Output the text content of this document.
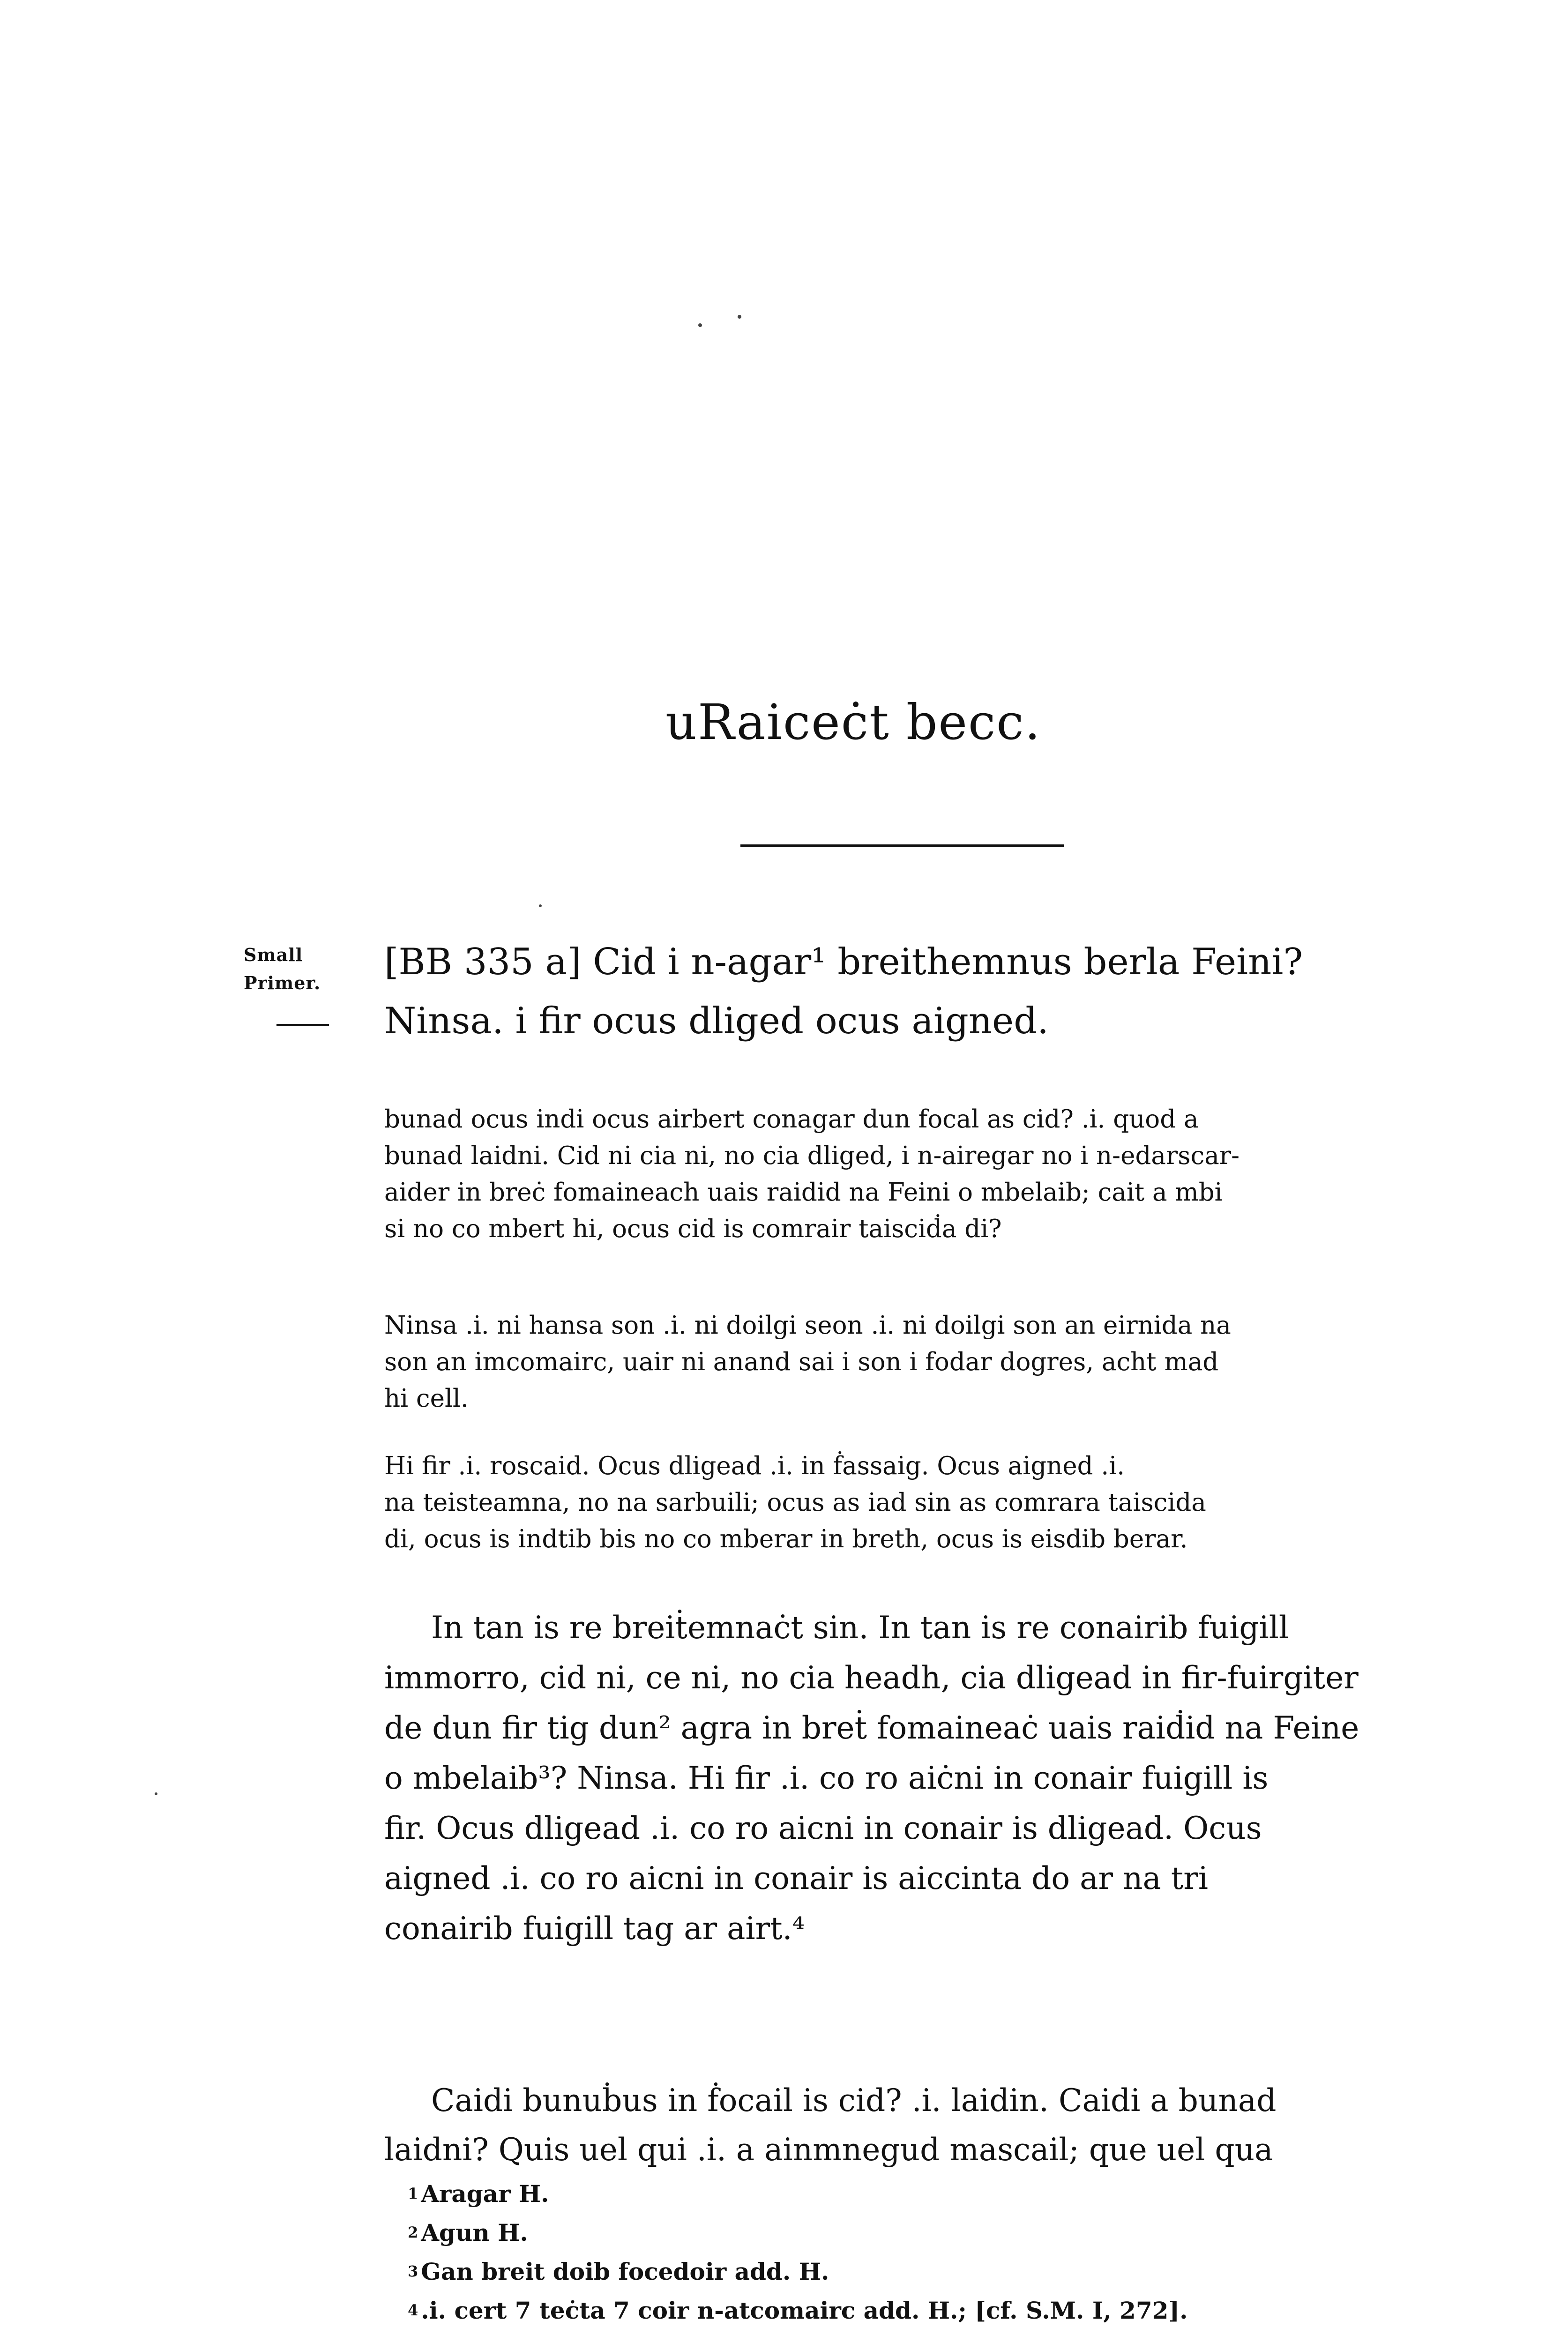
uRaiceċt becc.
Small
Primer. [BB 335 a] Cid i n-agar¹ breithemnus berla Feini?
Ninsa. i fir ocus dliged ocus aigned.
bunad ocus indi ocus airbert conagar dun focal as cid? .i. quod a
bunad laidni. Cid ni cia ni, no cia dliged, i n-airegar no i n-edarscar-
aider in breċ fomaineach uais raidid na Feini o mbelaib; cait a mbi
si no co mbert hi, ocus cid is comrair taisciḋa di?
Ninsa .i. ni hansa son .i. ni doilgi seon .i. ni doilgi son an eirnida na
son an imcomairc, uair ni anand sai i son i fodar dogres, acht mad
hi cell.
Hi fir .i. roscaid. Ocus dligead .i. in ḟassaig. Ocus aigned .i.
na teisteamna, no na sarbuili; ocus as iad sin as comrara taiscida
di, ocus is indtib bis no co mberar in breth, ocus is eisdib berar.
In tan is re breiṫemnaċt sin. In tan is re conairib fuigill
immorro, cid ni, ce ni, no cia headh, cia dligead in fir-fuirgiter
de dun fir tig dun² agra in breṫ fomaineaċ uais raiḋid na Feine
o mbelaib³? Ninsa. Hi fir .i. co ro aiċni in conair fuigill is
fir. Ocus dligead .i. co ro aicni in conair is dligead. Ocus
aigned .i. co ro aicni in conair is aiccinta do ar na tri
conairib fuigill tag ar airt.⁴
Caidi bunuḃus in ḟocail is cid? .i. laidin. Caidi a bunad
laidni? Quis uel qui .i. a ainmnegud mascail; que uel qua
$^1$ Aragar H.
$^2$ Agun H.
$^3$ Gan breit doib focedoir add. H.
$^4$ .i. cert 7 teċta 7 coir n-atcomairc add. H.; [cf. S.M. I, 272].
